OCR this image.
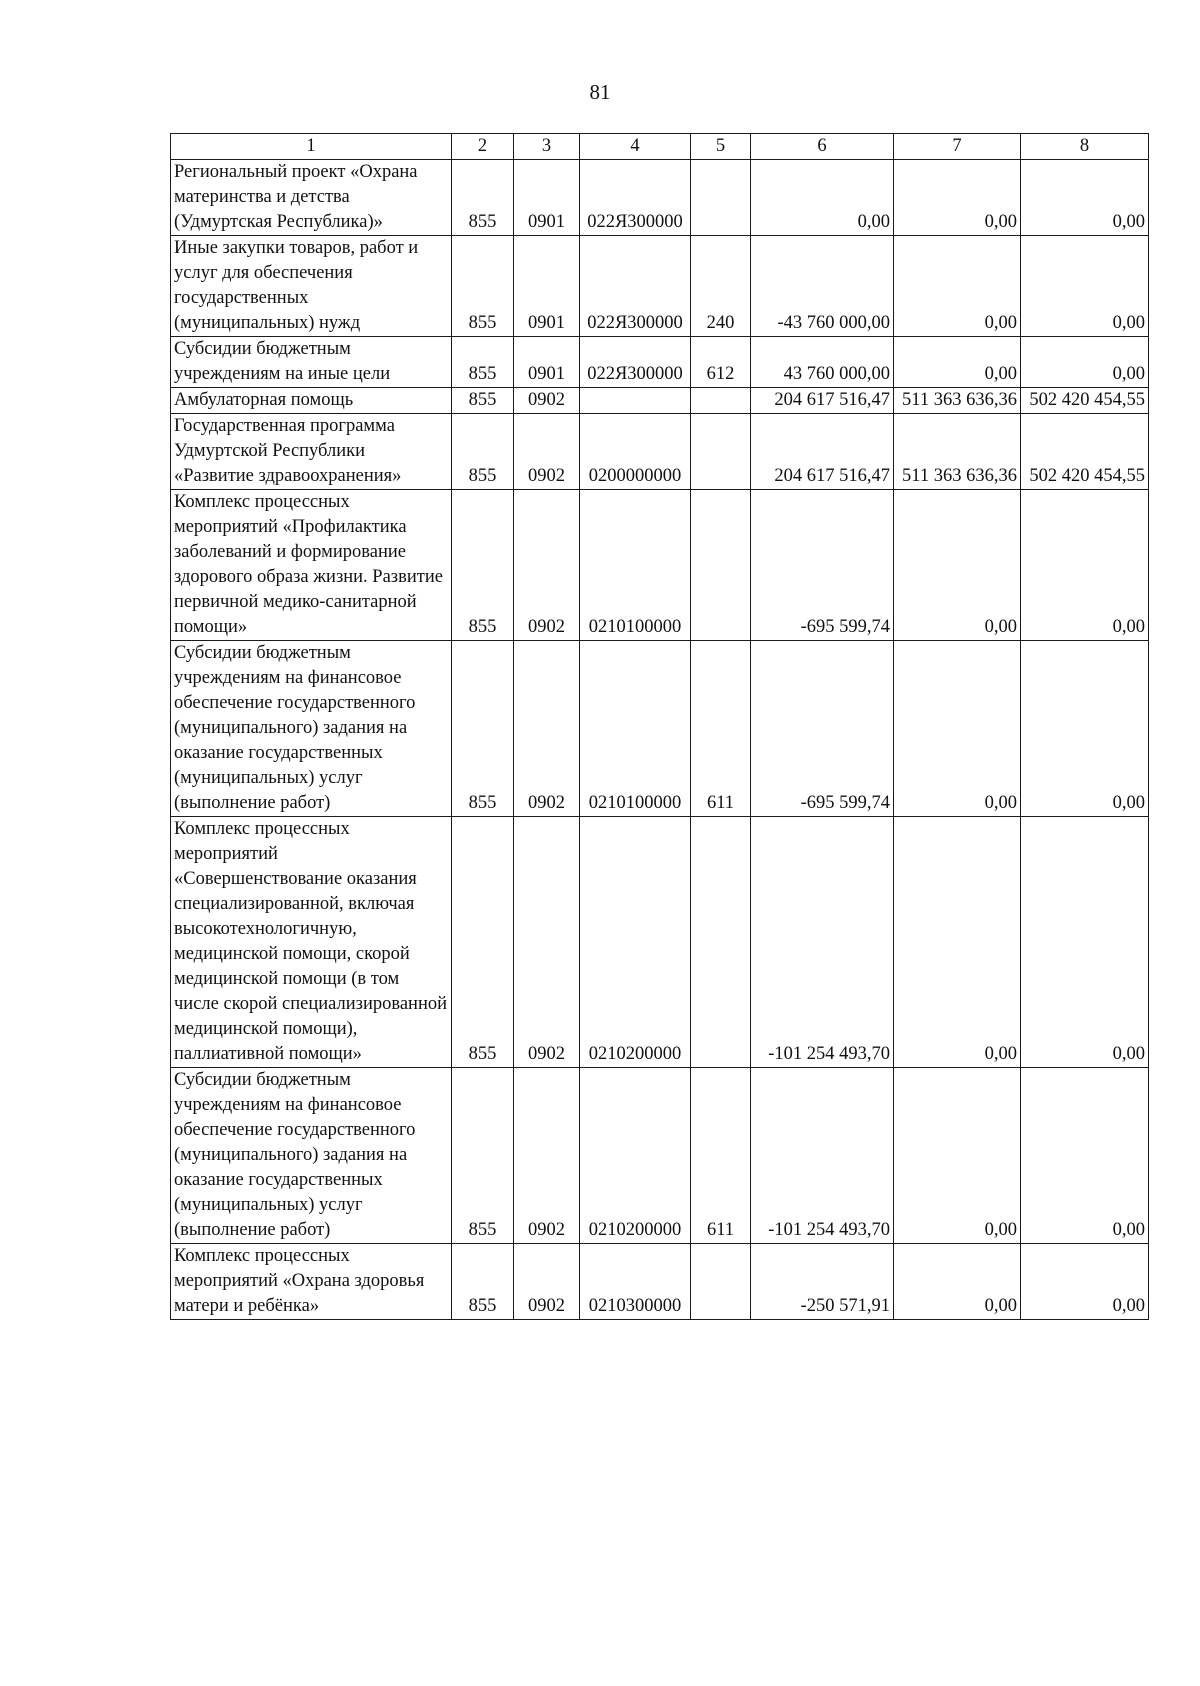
81
1	2	3	4	5	6	7	8
Региональный проект «Охрана материнства и детства (Удмуртская Республика)»	855	0901	022Я300000		0,00	0,00	0,00
Иные закупки товаров, работ и услуг для обеспечения государственных (муниципальных) нужд	855	0901	022Я300000	240	-43 760 000,00	0,00	0,00
Субсидии бюджетным учреждениям на иные цели	855	0901	022Я300000	612	43 760 000,00	0,00	0,00
Амбулаторная помощь	855	0902			204 617 516,47	511 363 636,36	502 420 454,55
Государственная программа Удмуртской Республики «Развитие здравоохранения»	855	0902	0200000000		204 617 516,47	511 363 636,36	502 420 454,55
Комплекс процессных мероприятий «Профилактика заболеваний и формирование здорового образа жизни. Развитие первичной медико-санитарной помощи»	855	0902	0210100000		-695 599,74	0,00	0,00
Субсидии бюджетным учреждениям на финансовое обеспечение государственного (муниципального) задания на оказание государственных (муниципальных) услуг (выполнение работ)	855	0902	0210100000	611	-695 599,74	0,00	0,00
Комплекс процессных мероприятий «Совершенствование оказания специализированной, включая высокотехнологичную, медицинской помощи, скорой медицинской помощи (в том числе скорой специализированной медицинской помощи), паллиативной помощи»	855	0902	0210200000		-101 254 493,70	0,00	0,00
Субсидии бюджетным учреждениям на финансовое обеспечение государственного (муниципального) задания на оказание государственных (муниципальных) услуг (выполнение работ)	855	0902	0210200000	611	-101 254 493,70	0,00	0,00
Комплекс процессных мероприятий «Охрана здоровья матери и ребёнка»	855	0902	0210300000		-250 571,91	0,00	0,00
